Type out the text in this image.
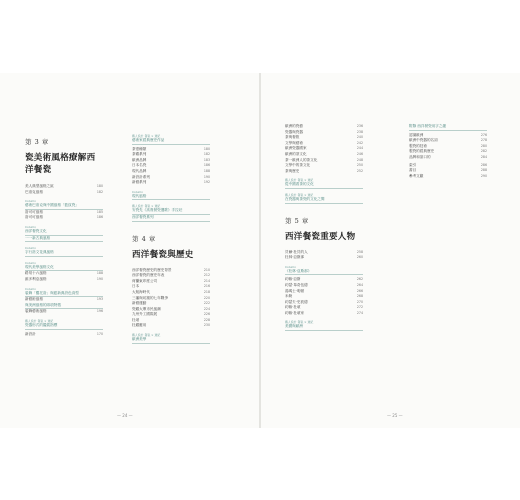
第 3 章
瓷美術風格療解西洋餐瓷
美人典型風格之區	180
巴洛克風格	182
Column
藝術巴洛克與中國風格「藍紋瓷」
洛可可風格	185
洛可可風格	186
Column
西洋餐瓷文化
一一新古典風格
Column
字行洛文花典風格
Column
現代美學風格文化
路易十六風格	188
維多利亞風格	190
Column
裝飾「羅托洛」與藍新典設色高型
新藝術風格	193
與美洲風格的兩項特徵
裝飾藝術風格	196
藝人設計 餐瓷 × 道紀
瓷器形式的鑑賞指標
新設計	170
藝人設計 餐瓷 × 道紀
藝術家經典歷史作品
茶壺種類	180
茶碟系列	182
歐洲品牌	183
日本名瓷	186
現代品牌	188
新設計系列	190
新藝系列	192
Column
現代風格
藝人設計 餐瓷 × 道紀
安瓷先《高貴餐瓷選歌》手拉坯
西洋餐瓷系列
第 4 章
西洋餐瓷與歷史
西洋餐瓷歷史的歷史背景	210
西洋餐瓷的歷史年表	212
荷蘭東印度公司	214
日本	216
大航海時代	218
三藩與切割的七年戰爭	220
新藝運動	222
瓷藏大眾市民風潮	224
九州外工國際展	226
杜頌	228
杜藏應用	230
藝人設計 餐瓷 × 道紀
歐洲美學
歐洲的瓷藝	236
瓷器與瓷器	238
茶與餐飲	240
文學與藝術	242
歐洲瓷器國家	244
歐洲的茶文化	246
茶一歐洲人的茶文化	248
文學中的茶文化	250
茶與歷史	252
藝人設計 餐瓷 × 道紀
從中國看茶的文化
藝人設計 餐瓷 × 道紀
在瓷器與茶瓷的文化之間
第 5 章
西洋餐瓷重要人物
貝爾·杜貝的人	258
杜林·亞斯那	260
Column
《杜林·亞斯那》
約翰·亞斯	262
約瑟·韋奇伍德	264
湯瑪士·明頓	266
米勒	268
約瑟夫·史波德	270
約翰·杜頌	272
約翰·杜頌家	274
藝人設計 餐瓷 × 道紀
美國與歐洲
附錄 西洋餐瓷用字之趣
認識歐洲	276
歐洲中瓷器的名詞	278
製瓷的技術	280
製瓷的經典歷史	282
品牌和窯口的	284
索引	286
書目	288
參考文獻	290
— 24 —	— 25 —
